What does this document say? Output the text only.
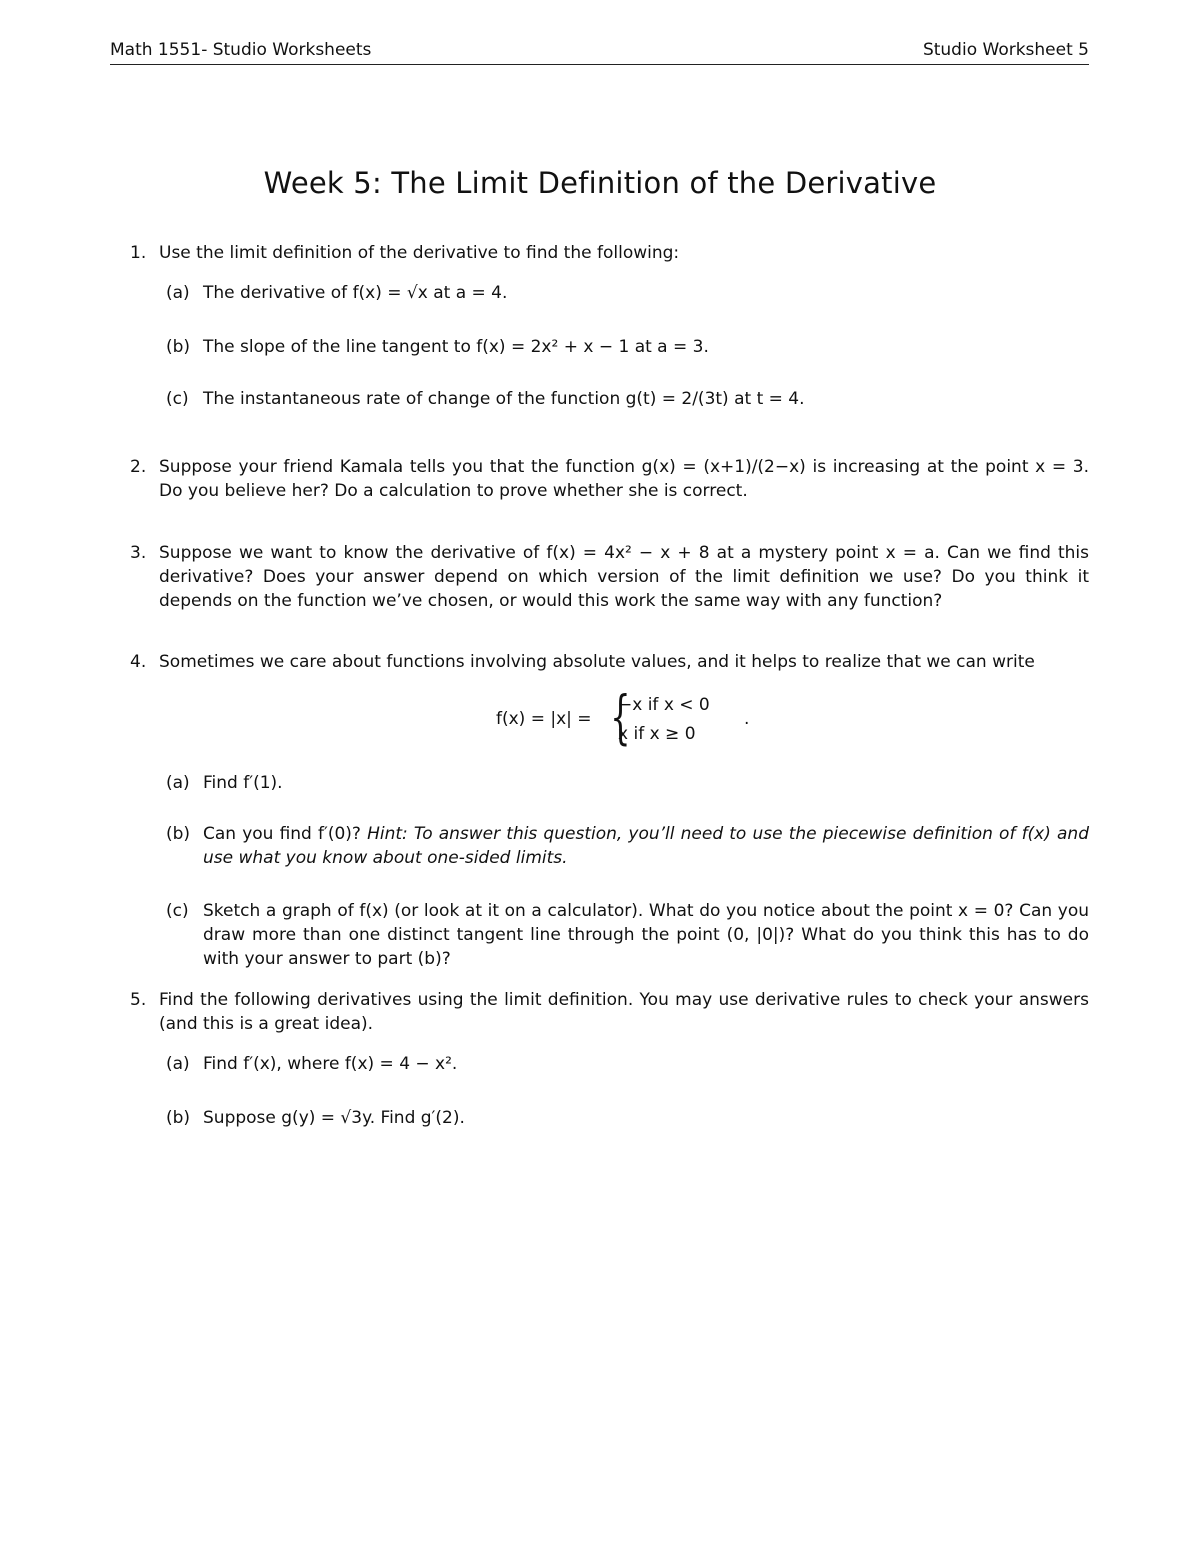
Math 1551- Studio Worksheets	Studio Worksheet 5
Week 5: The Limit Definition of the Derivative
1. Use the limit definition of the derivative to find the following:
(a) The derivative of f(x) = √x at a = 4.
(b) The slope of the line tangent to f(x) = 2x² + x − 1 at a = 3.
(c) The instantaneous rate of change of the function g(t) = 2/(3t) at t = 4.
2. Suppose your friend Kamala tells you that the function g(x) = (x+1)/(2−x) is increasing at the point x = 3. Do you believe her? Do a calculation to prove whether she is correct.
3. Suppose we want to know the derivative of f(x) = 4x² − x + 8 at a mystery point x = a. Can we find this derivative? Does your answer depend on which version of the limit definition we use? Do you think it depends on the function we’ve chosen, or would this work the same way with any function?
4. Sometimes we care about functions involving absolute values, and it helps to realize that we can write
f(x) = |x| = {
−x if x < 0
x if x ≥ 0
.
(a) Find f′(1).
(b) Can you find f′(0)? Hint: To answer this question, you’ll need to use the piecewise definition of f(x) and use what you know about one-sided limits.
(c) Sketch a graph of f(x) (or look at it on a calculator). What do you notice about the point x = 0? Can you draw more than one distinct tangent line through the point (0, |0|)? What do you think this has to do with your answer to part (b)?
5. Find the following derivatives using the limit definition. You may use derivative rules to check your answers (and this is a great idea).
(a) Find f′(x), where f(x) = 4 − x².
(b) Suppose g(y) = √3y. Find g′(2).
